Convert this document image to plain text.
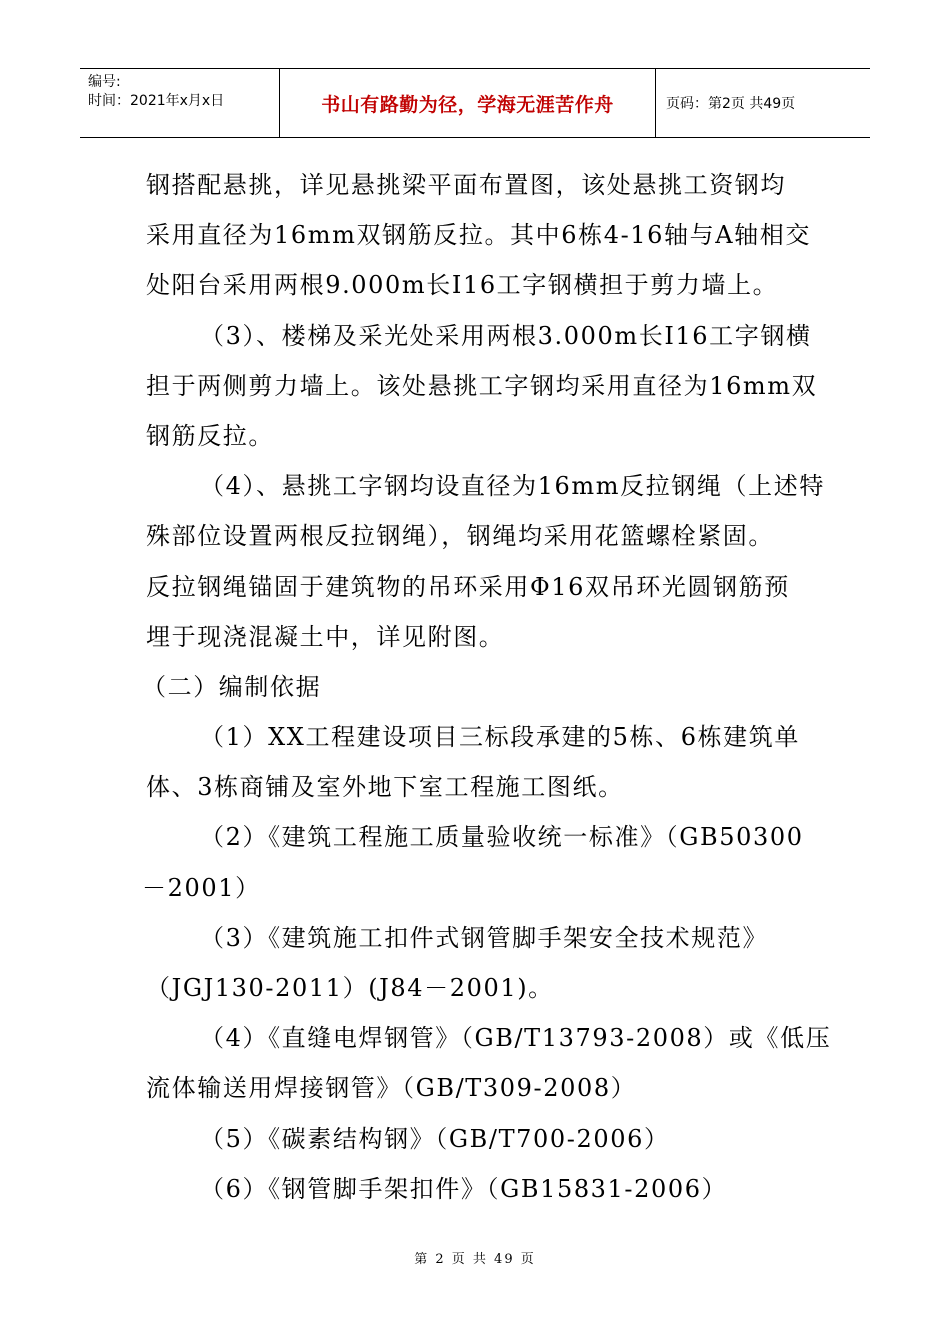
编号:
时间：2021年x月x日	书山有路勤为径，学海无涯苦作舟	页码：第2页 共49页
钢搭配悬挑，详见悬挑梁平面布置图，该处悬挑工资钢均
采用直径为16mm双钢筋反拉。其中6栋4-16轴与A轴相交
处阳台采用两根9.000m长I16工字钢横担于剪力墙上。
（3）、楼梯及采光处采用两根3.000m长I16工字钢横
担于两侧剪力墙上。该处悬挑工字钢均采用直径为16mm双
钢筋反拉。
（4）、悬挑工字钢均设直径为16mm反拉钢绳（上述特
殊部位设置两根反拉钢绳），钢绳均采用花篮螺栓紧固。
反拉钢绳锚固于建筑物的吊环采用Φ16双吊环光圆钢筋预
埋于现浇混凝土中，详见附图。
（二）编制依据
（1）XX工程建设项目三标段承建的5栋、6栋建筑单
体、3栋商铺及室外地下室工程施工图纸。
（2）《建筑工程施工质量验收统一标准》（GB50300
－2001）
（3）《建筑施工扣件式钢管脚手架安全技术规范》
（JGJ130-2011）(J84－2001)。
（4）《直缝电焊钢管》（GB/T13793-2008）或《低压
流体输送用焊接钢管》（GB/T309-2008）
（5）《碳素结构钢》（GB/T700-2006）
（6）《钢管脚手架扣件》（GB15831-2006）
第 2 页 共 49 页
